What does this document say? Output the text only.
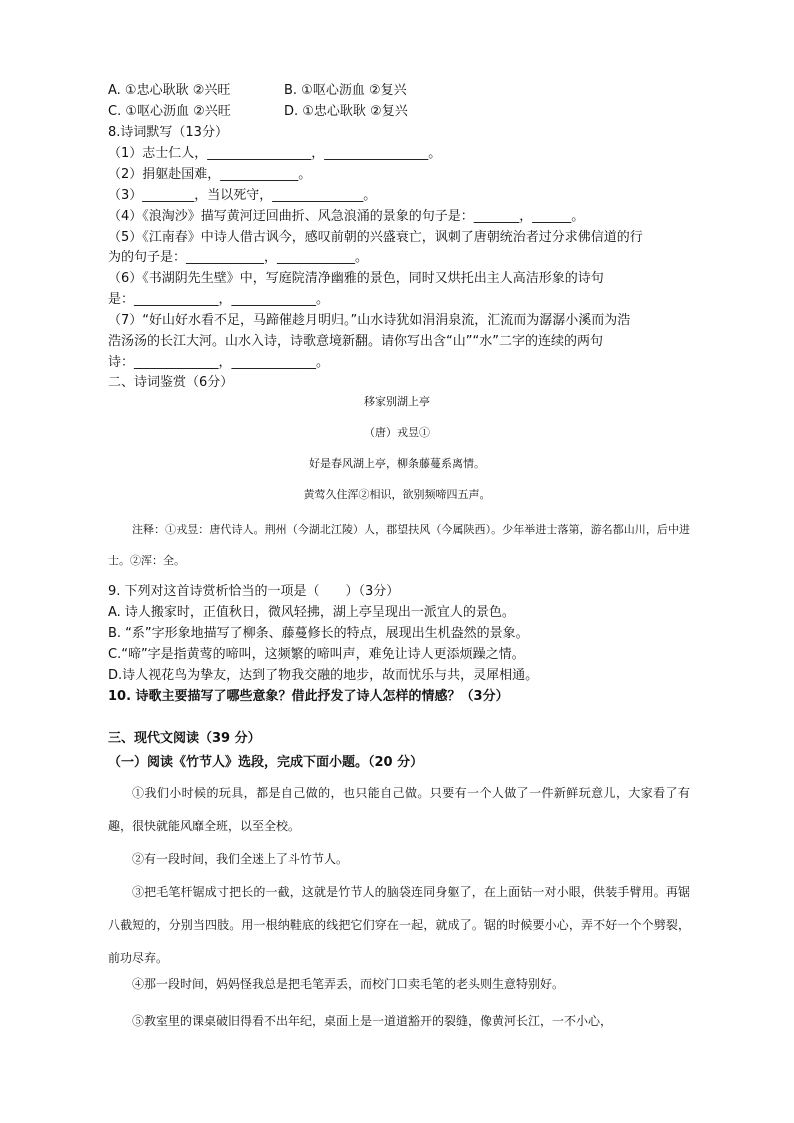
A. ①忠心耿耿 ②兴旺	B. ①呕心沥血 ②复兴
C. ①呕心沥血 ②兴旺	D. ①忠心耿耿 ②复兴
8.诗词默写（13分）
（1）志士仁人，________________，________________。
（2）捐躯赴国难，____________。
（3）________，当以死守，______________。
（4）《浪淘沙》描写黄河迂回曲折、风急浪涌的景象的句子是：_______，______。
（5）《江南春》中诗人借古讽今，感叹前朝的兴盛衰亡，讽刺了唐朝统治者过分求佛信道的行
为的句子是：____________，____________。
（6）《书湖阴先生壁》中，写庭院清净幽雅的景色，同时又烘托出主人高洁形象的诗句
是：_____________，_____________。
（7）“好山好水看不足，马蹄催趁月明归。”山水诗犹如涓涓泉流，汇流而为潺潺小溪而为浩
浩汤汤的长江大河。山水入诗，诗歌意境新翻。请你写出含“山”“水”二字的连续的两句
诗：_____________，_____________。
二、诗词鉴赏（6分）
移家别湖上亭
（唐）戎昱①
好是春风湖上亭，柳条藤蔓系离情。
黄莺久住浑②相识，欲别频啼四五声。
注释：①戎昱：唐代诗人。荆州（今湖北江陵）人，郡望扶风（今属陕西）。少年举进士落第，游名都山川，后中进士。②浑：全。
9. 下列对这首诗赏析恰当的一项是（　　）（3分）
A. 诗人搬家时，正值秋日，微风轻拂，湖上亭呈现出一派宜人的景色。
B. “系”字形象地描写了柳条、藤蔓修长的特点，展现出生机盎然的景象。
C.“啼”字是指黄莺的啼叫，这频繁的啼叫声，难免让诗人更添烦躁之情。
D.诗人视花鸟为挚友，达到了物我交融的地步，故而忧乐与共，灵犀相通。
10. 诗歌主要描写了哪些意象？借此抒发了诗人怎样的情感？（3分）
三、现代文阅读（39 分）
（一）阅读《竹节人》选段，完成下面小题。（20 分）
①我们小时候的玩具，都是自己做的，也只能自己做。只要有一个人做了一件新鲜玩意儿，大家看了有趣，很快就能风靡全班，以至全校。
②有一段时间，我们全迷上了斗竹节人。
③把毛笔杆锯成寸把长的一截，这就是竹节人的脑袋连同身躯了，在上面钻一对小眼，供装手臂用。再锯八截短的，分别当四肢。用一根纳鞋底的线把它们穿在一起，就成了。锯的时候要小心，弄不好一个个劈裂，前功尽弃。
④那一段时间，妈妈怪我总是把毛笔弄丢，而校门口卖毛笔的老头则生意特别好。
⑤教室里的课桌破旧得看不出年纪，桌面上是一道道豁开的裂缝，像黄河长江，一不小心，
